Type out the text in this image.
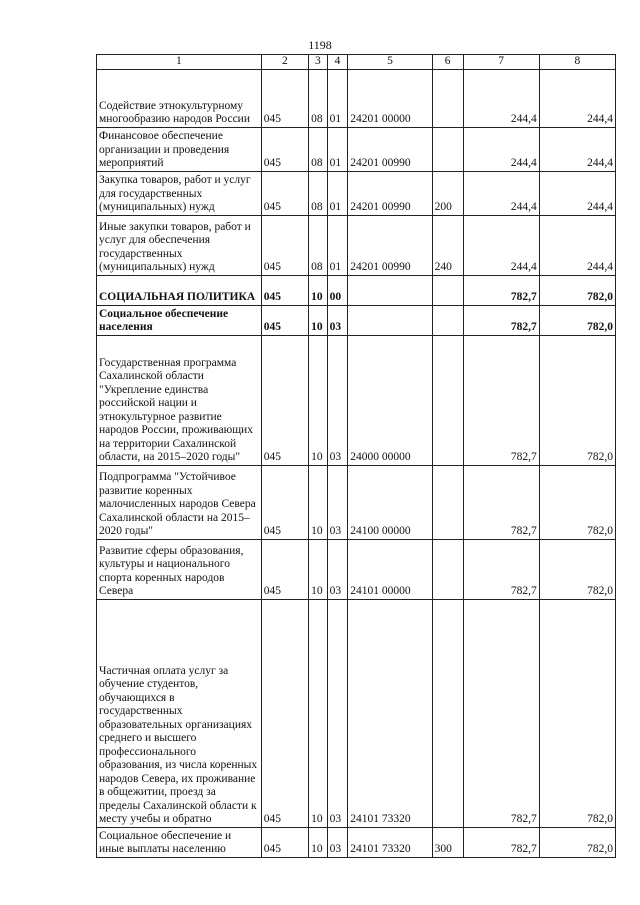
1198
1	2	3	4	5	6	7	8
Содействие этнокультурному многообразию народов России	045	08	01	24201 00000		244,4	244,4
Финансовое обеспечение организации и проведения мероприятий	045	08	01	24201 00990		244,4	244,4
Закупка товаров, работ и услуг для государственных (муниципальных) нужд	045	08	01	24201 00990	200	244,4	244,4
Иные закупки товаров, работ и услуг для обеспечения государственных (муниципальных) нужд	045	08	01	24201 00990	240	244,4	244,4
СОЦИАЛЬНАЯ ПОЛИТИКА	045	10	00			782,7	782,0
Социальное обеспечение населения	045	10	03			782,7	782,0
Государственная программа Сахалинской области "Укрепление единства российской нации и этнокультурное развитие народов России, проживающих на территории Сахалинской области, на 2015–2020 годы"	045	10	03	24000 00000		782,7	782,0
Подпрограмма "Устойчивое развитие коренных малочисленных народов Севера Сахалинской области на 2015–2020 годы"	045	10	03	24100 00000		782,7	782,0
Развитие сферы образования, культуры и национального спорта коренных народов Севера	045	10	03	24101 00000		782,7	782,0
Частичная оплата услуг за обучение студентов, обучающихся в государственных образовательных организациях среднего и высшего профессионального образования, из числа коренных народов Севера, их проживание в общежитии, проезд за пределы Сахалинской области к месту учебы и обратно	045	10	03	24101 73320		782,7	782,0
Социальное обеспечение и иные выплаты населению	045	10	03	24101 73320	300	782,7	782,0
